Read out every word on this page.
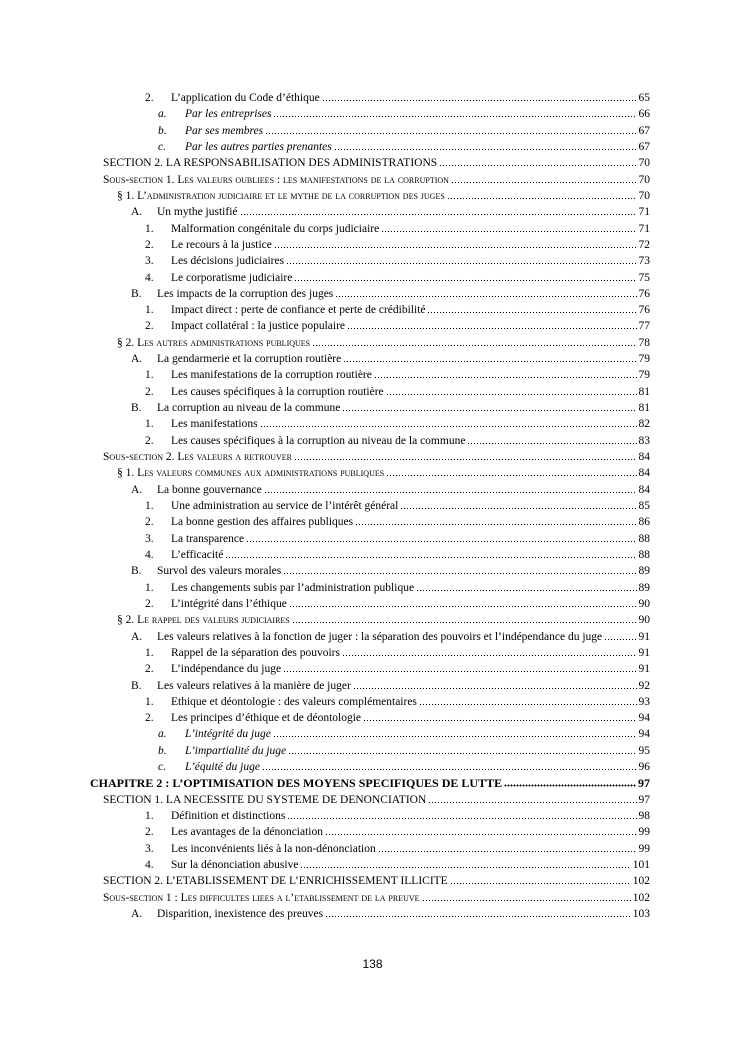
2.	L’application du Code d’éthique	65
a.	Par les entreprises	66
b.	Par ses membres	67
c.	Par les autres parties prenantes	67
SECTION 2. LA RESPONSABILISATION DES ADMINISTRATIONS	70
Sous-section 1. Les valeurs oubliees : les manifestations de la corruption	70
§ 1. L’administration judiciaire et le mythe de la corruption des juges	70
A.	Un mythe justifié	71
1.	Malformation congénitale du corps judiciaire	71
2.	Le recours à la justice	72
3.	Les décisions judiciaires	73
4.	Le corporatisme judiciaire	75
B.	Les impacts de la corruption des juges	76
1.	Impact direct : perte de confiance et perte de crédibilité	76
2.	Impact collatéral : la justice populaire	77
§ 2. Les autres administrations publiques	78
A.	La gendarmerie et la corruption routière	79
1.	Les manifestations de la corruption routière	79
2.	Les causes spécifiques à la corruption routière	81
B.	La corruption au niveau de la commune	81
1.	Les manifestations	82
2.	Les causes spécifiques à la corruption au niveau de la commune	83
Sous-section 2. Les valeurs a retrouver	84
§ 1. Les valeurs communes aux administrations publiques	84
A.	La bonne gouvernance	84
1.	Une administration au service de l’intérêt général	85
2.	La bonne gestion des affaires publiques	86
3.	La transparence	88
4.	L’efficacité	88
B.	Survol des valeurs morales	89
1.	Les changements subis par l’administration publique	89
2.	L’intégrité dans l’éthique	90
§ 2. Le rappel des valeurs judiciaires	90
A.	Les valeurs relatives à la fonction de juger : la séparation des pouvoirs et l’indépendance du juge	91
1.	Rappel de la séparation des pouvoirs	91
2.	L’indépendance du juge	91
B.	Les valeurs relatives à la manière de juger	92
1.	Ethique et déontologie : des valeurs complémentaires	93
2.	Les principes d’éthique et de déontologie	94
a.	L’intégrité du juge	94
b.	L’impartialité du juge	95
c.	L’équité du juge	96
CHAPITRE 2 : L’OPTIMISATION DES MOYENS SPECIFIQUES DE LUTTE	97
SECTION 1. LA NECESSITE DU SYSTEME DE DENONCIATION	97
1.	Définition et distinctions	98
2.	Les avantages de la dénonciation	99
3.	Les inconvénients liés à la non-dénonciation	99
4.	Sur la dénonciation abusive	101
SECTION 2. L’ETABLISSEMENT DE L’ENRICHISSEMENT ILLICITE	102
Sous-section 1 : Les difficultes liees a l’etablissement de la preuve	102
A.	Disparition, inexistence des preuves	103
138
